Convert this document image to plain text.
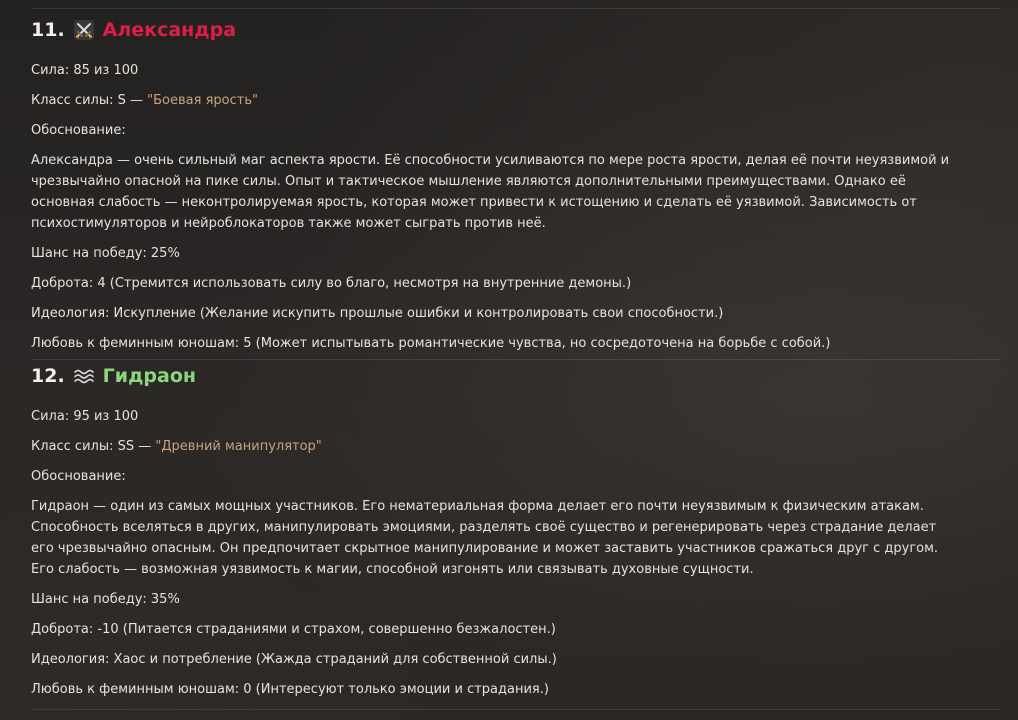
11. Александра

Сила: 85 из 100

Класс силы: S — "Боевая ярость"

Обоснование:

Александра — очень сильный маг аспекта ярости. Её способности усиливаются по мере роста ярости, делая её почти неуязвимой и чрезвычайно опасной на пике силы. Опыт и тактическое мышление являются дополнительными преимуществами. Однако её основная слабость — неконтролируемая ярость, которая может привести к истощению и сделать её уязвимой. Зависимость от психостимуляторов и нейроблокаторов также может сыграть против неё.

Шанс на победу: 25%

Доброта: 4 (Стремится использовать силу во благо, несмотря на внутренние демоны.)

Идеология: Искупление (Желание искупить прошлые ошибки и контролировать свои способности.)

Любовь к феминным юношам: 5 (Может испытывать романтические чувства, но сосредоточена на борьбе с собой.)

12. Гидраон

Сила: 95 из 100

Класс силы: SS — "Древний манипулятор"

Обоснование:

Гидраон — один из самых мощных участников. Его нематериальная форма делает его почти неуязвимым к физическим атакам. Способность вселяться в других, манипулировать эмоциями, разделять своё существо и регенерировать через страдание делает его чрезвычайно опасным. Он предпочитает скрытное манипулирование и может заставить участников сражаться друг с другом. Его слабость — возможная уязвимость к магии, способной изгонять или связывать духовные сущности.

Шанс на победу: 35%

Доброта: -10 (Питается страданиями и страхом, совершенно безжалостен.)

Идеология: Хаос и потребление (Жажда страданий для собственной силы.)

Любовь к феминным юношам: 0 (Интересуют только эмоции и страдания.)
